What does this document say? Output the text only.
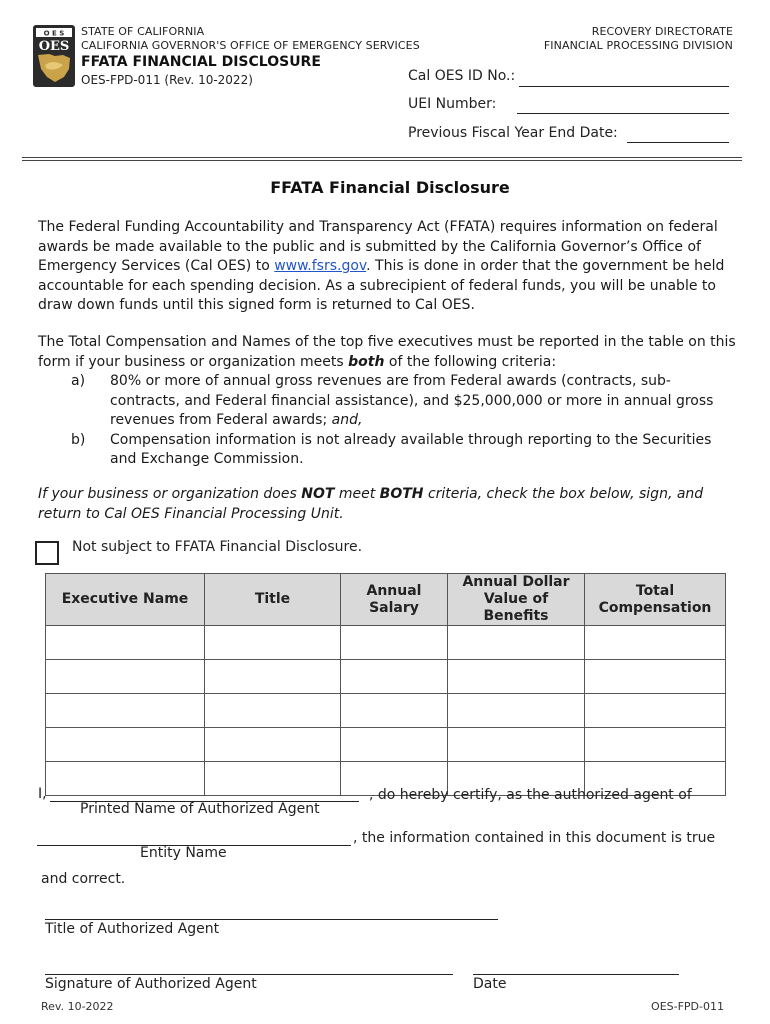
O E S
OES
STATE OF CALIFORNIA
CALIFORNIA GOVERNOR'S OFFICE OF EMERGENCY SERVICES
FFATA FINANCIAL DISCLOSURE
OES-FPD-011 (Rev. 10-2022)
RECOVERY DIRECTORATE
FINANCIAL PROCESSING DIVISION
Cal OES ID No.:
UEI Number:
Previous Fiscal Year End Date:
FFATA Financial Disclosure
The Federal Funding Accountability and Transparency Act (FFATA) requires information on federal awards be made available to the public and is submitted by the California Governor’s Office of Emergency Services (Cal OES) to www.fsrs.gov. This is done in order that the government be held accountable for each spending decision. As a subrecipient of federal funds, you will be unable to draw down funds until this signed form is returned to Cal OES.
The Total Compensation and Names of the top five executives must be reported in the table on this form if your business or organization meets both of the following criteria:
a)	80% or more of annual gross revenues are from Federal awards (contracts, sub-contracts, and Federal financial assistance), and $25,000,000 or more in annual gross revenues from Federal awards; and,
b)	Compensation information is not already available through reporting to the Securities and Exchange Commission.
If your business or organization does NOT meet BOTH criteria, check the box below, sign, and return to Cal OES Financial Processing Unit.
Not subject to FFATA Financial Disclosure.
Executive Name	Title	Annual Salary	Annual Dollar Value of Benefits	Total Compensation

I,	, do hereby certify, as the authorized agent of
Printed Name of Authorized Agent
, the information contained in this document is true
Entity Name
and correct.
Title of Authorized Agent
Signature of Authorized Agent	Date
Rev. 10-2022	OES-FPD-011
